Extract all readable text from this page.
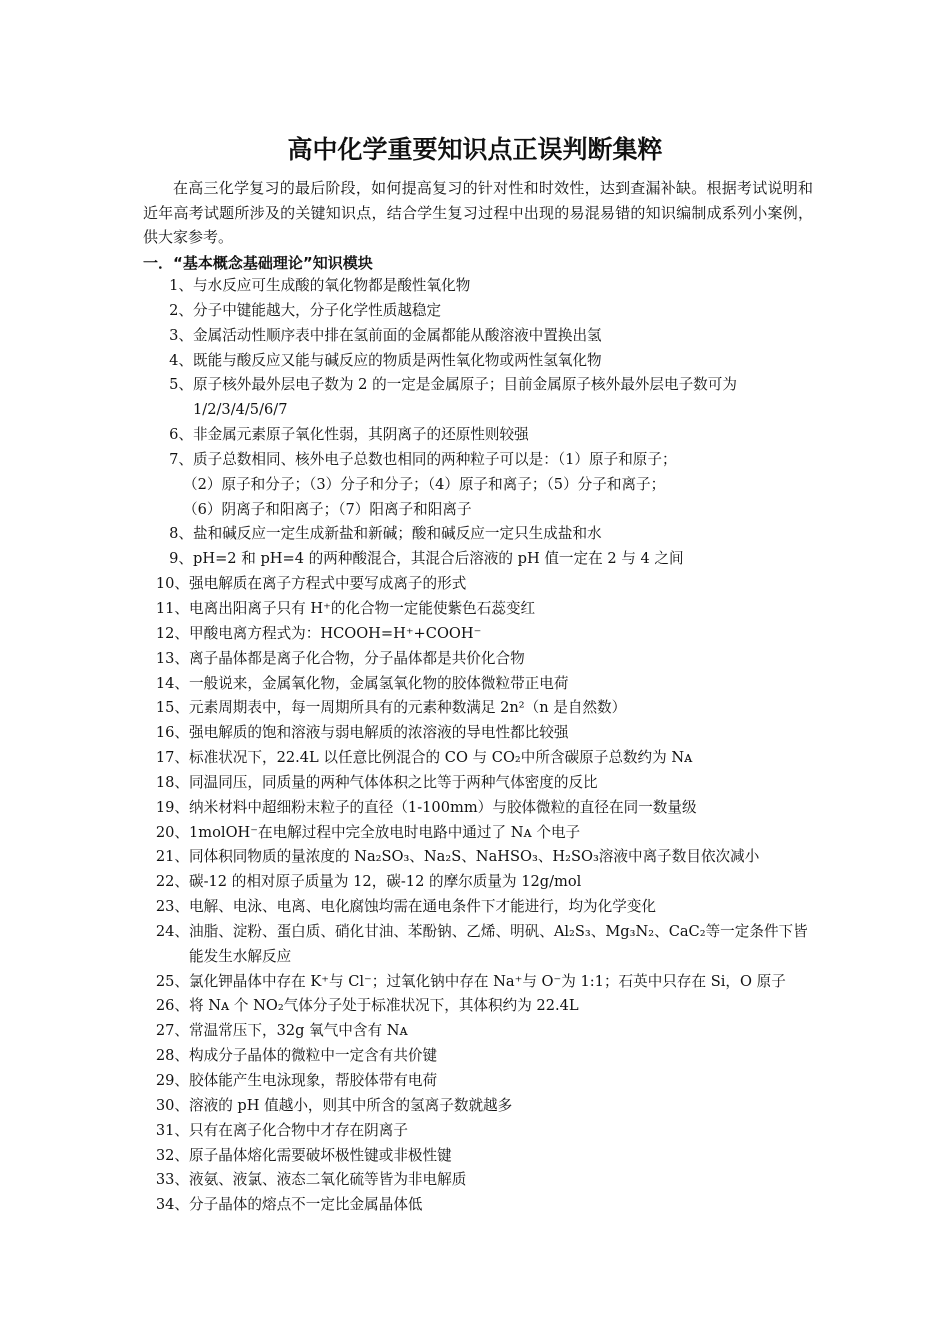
高中化学重要知识点正误判断集粹
在高三化学复习的最后阶段，如何提高复习的针对性和时效性，达到查漏补缺。根据考试说明和近年高考试题所涉及的关键知识点，结合学生复习过程中出现的易混易错的知识编制成系列小案例，供大家参考。
一．“基本概念基础理论”知识模块
1、 与水反应可生成酸的氧化物都是酸性氧化物
2、 分子中键能越大，分子化学性质越稳定
3、 金属活动性顺序表中排在氢前面的金属都能从酸溶液中置换出氢
4、 既能与酸反应又能与碱反应的物质是两性氧化物或两性氢氧化物
5、 原子核外最外层电子数为 2 的一定是金属原子；目前金属原子核外最外层电子数可为
1/2/3/4/5/6/7
6、 非金属元素原子氧化性弱，其阴离子的还原性则较强
7、 质子总数相同、核外电子总数也相同的两种粒子可以是：（1）原子和原子；
（2）原子和分子；（3）分子和分子；（4）原子和离子；（5）分子和离子；
（6）阴离子和阳离子；（7）阳离子和阳离子
8、 盐和碱反应一定生成新盐和新碱；酸和碱反应一定只生成盐和水
9、 pH=2 和 pH=4 的两种酸混合，其混合后溶液的 pH 值一定在 2 与 4 之间
10、 强电解质在离子方程式中要写成离子的形式
11、 电离出阳离子只有 H⁺的化合物一定能使紫色石蕊变红
12、 甲酸电离方程式为：HCOOH=H⁺+COOH⁻
13、 离子晶体都是离子化合物，分子晶体都是共价化合物
14、 一般说来，金属氧化物，金属氢氧化物的胶体微粒带正电荷
15、 元素周期表中，每一周期所具有的元素种数满足 2n²（n 是自然数）
16、 强电解质的饱和溶液与弱电解质的浓溶液的导电性都比较强
17、 标准状况下，22.4L 以任意比例混合的 CO 与 CO₂中所含碳原子总数约为 Nᴀ
18、 同温同压，同质量的两种气体体积之比等于两种气体密度的反比
19、 纳米材料中超细粉末粒子的直径（1-100mm）与胶体微粒的直径在同一数量级
20、 1molOH⁻在电解过程中完全放电时电路中通过了 Nᴀ 个电子
21、 同体积同物质的量浓度的 Na₂SO₃、Na₂S、NaHSO₃、H₂SO₃溶液中离子数目依次减小
22、 碳-12 的相对原子质量为 12，碳-12 的摩尔质量为 12g/mol
23、 电解、电泳、电离、电化腐蚀均需在通电条件下才能进行，均为化学变化
24、 油脂、淀粉、蛋白质、硝化甘油、苯酚钠、乙烯、明矾、Al₂S₃、Mg₃N₂、CaC₂等一定条件下皆
能发生水解反应
25、 氯化钾晶体中存在 K⁺与 Cl⁻；过氧化钠中存在 Na⁺与 O⁻为 1:1；石英中只存在 Si，O 原子
26、 将 Nᴀ 个 NO₂气体分子处于标准状况下，其体积约为 22.4L
27、 常温常压下，32g 氧气中含有 Nᴀ
28、 构成分子晶体的微粒中一定含有共价键
29、 胶体能产生电泳现象，帮胶体带有电荷
30、 溶液的 pH 值越小，则其中所含的氢离子数就越多
31、 只有在离子化合物中才存在阴离子
32、 原子晶体熔化需要破坏极性键或非极性键
33、 液氨、液氯、液态二氧化硫等皆为非电解质
34、 分子晶体的熔点不一定比金属晶体低
